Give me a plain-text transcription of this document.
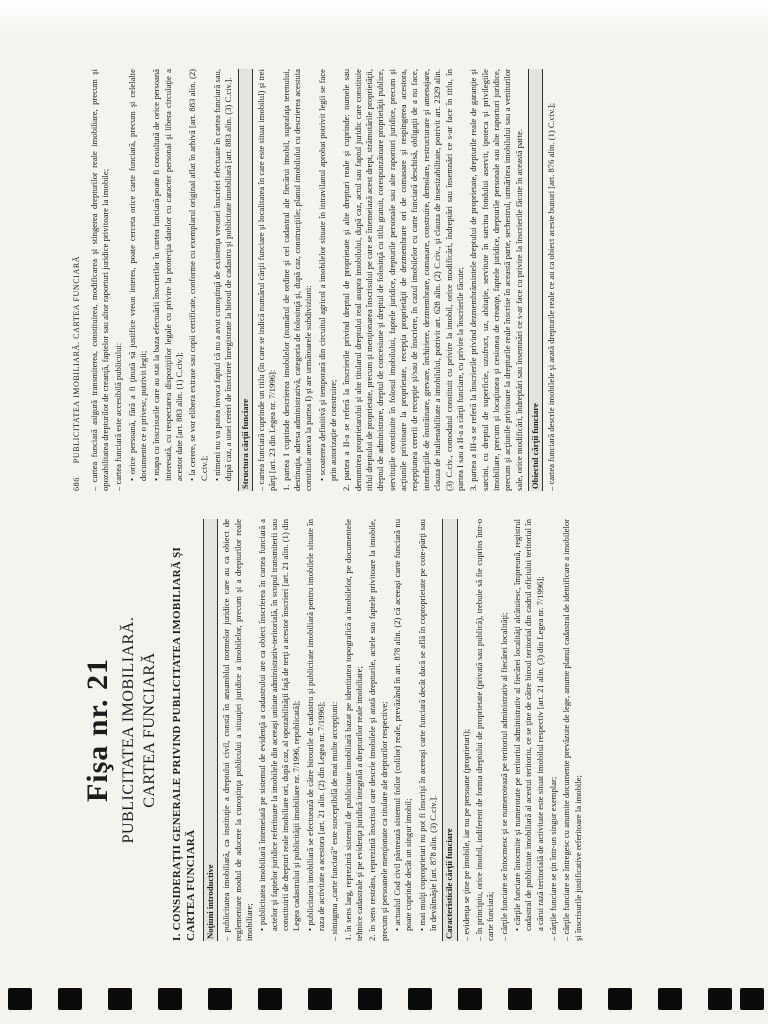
Fişa nr. 21 PUBLICITATEA IMOBILIARĂ. CARTEA FUNCIARĂ I. CONSIDERAŢII GENERALE PRIVIND PUBLICITATEA IMOBILIARĂ ŞI CARTEA FUNCIARĂ Noţiuni introductive – publicitatea imobiliară, ca instituţie a dreptului civil, constă în ansamblul normelor juridice care au ca obiect de reglementare modul de aducere la cunoştinţa publicului a situaţiei juridice a imobilelor, precum şi a drepturilor reale imobiliare; • publicitatea imobiliară întemeiată pe sistemul de evidenţă a cadastrului are ca obiect înscrierea în cartea funciară a actelor şi faptelor juridice referitoare la imobilele din aceeaşi unitate administrativ-teritorială, în scopul transmiterii sau constituirii de drepturi reale imobiliare ori, după caz, al opozabilităţii faţă de terţi a acestor înscrieri [art. 21 alin. (1) din Legea cadastrului şi publicităţii imobiliare nr. 7/1996, republicată]; • publicitatea imobiliară se efectuează de către birourile de cadastru şi publicitate imobiliară pentru imobilele situate în raza de activitate a acestora [art. 21 alin. (2) din Legea nr. 7/1996]; – sintagma „carte funciară” este susceptibilă de mai multe accepţiuni: 1. în sens larg, reprezintă sistemul de publicitate imobiliară bazat pe identitatea topografică a imobilelor, pe documentele tehnice cadastrale şi pe evidenţa juridică integrală a drepturilor reale imobiliare; 2. în sens restrâns, reprezintă înscrisul care descrie imobilele şi arată drepturile, actele sau faptele privitoare la imobile, precum şi persoanele menţionate ca titulare ale drepturilor respective; • actualul Cod civil păstrează sistemul foilor (colilor) reale, prevăzând în art. 878 alin. (2) că aceeaşi carte funciară nu poate cuprinde decât un singur imobil; • mai mulţi coproprietari nu pot fi înscrişi în aceeaşi carte funciară decât dacă se află în coproprietate pe cote-părţi sau în devălmăşie [art. 878 alin. (3) C.civ.]. Caracteristicile cărţii funciare – evidenţa se ţine pe imobile, iar nu pe persoane (proprietari); – în principiu, orice imobil, indiferent de forma dreptului de proprietate (privată sau publică), trebuie să fie cuprins într-o carte funciară; – cărţile funciare se întocmesc şi se numerotează pe teritoriul administrativ al fiecărei localităţi; • cărţile funciare întocmite şi numerotate pe teritoriul administrativ al fiecărei localităţi alcătuiesc, împreună, registrul cadastral de publicitate imobiliară al acestui teritoriu, ce se ţine de către biroul teritorial din cadrul oficiului teritorial în a cărui rază teritorială de activitate este situat imobilul respectiv [art. 21 alin. (3) din Legea nr. 7/1996]; – cărţile funciare se ţin într-un singur exemplar; – cărţile funciare se întregesc cu anumite documente prevăzute de lege, anume planul cadastral de identificare a imobilelor şi înscrisurile justificative referitoare la imobile;

686
PUBLICITATEA IMOBILIARĂ. CARTEA FUNCIARĂ – cartea funciară asigură transmiterea, constituirea, modificarea şi stingerea drepturilor reale imobiliare, precum şi opozabilitatea drepturilor de creanţă, faptelor sau altor raporturi juridice privitoare la imobile; – cartea funciară este accesibilă publicului: • orice persoană, fără a fi ţinută să justifice vreun interes, poate cerceta orice carte funciară, precum şi celelalte documente ce o privesc, potrivit legii; • mapa cu înscrisurile care au stat la baza efectuării înscrierilor în cartea funciară poate fi consultată de orice persoană interesată, cu respectarea dispoziţiilor legale cu privire la protecţia datelor cu caracter personal şi libera circulaţie a acestor date [art. 883 alin. (1) C.civ.]; • la cerere, se vor elibera extrase sau copii certificate, conforme cu exemplarul original aflat în arhivă [art. 883 alin. (2) C.civ.]; • nimeni nu va putea invoca faptul că nu a avut cunoştinţă de existenţa vreunei înscrieri efectuate în cartea funciară sau, după caz, a unei cereri de înscriere înregistrate la biroul de cadastru şi publicitate imobiliară [art. 883 alin. (3) C.civ.]. Structura cărţii funciare – cartea funciară cuprinde un titlu (în care se indică numărul cărţii funciare şi localitatea în care este situat imobilul) şi trei părţi [art. 23 din Legea nr. 7/1996]: 1. partea I cuprinde descrierea imobilelor (numărul de ordine şi cel cadastral ale fiecărui imobil, suprafaţa terenului, destinaţia, adresa administrativă, categoria de folosinţă şi, după caz, construcţiile; planul imobilului cu descrierea acestuia constituie anexa la partea I) şi are următoarele subdiviziuni: • scoaterea definitivă şi temporară din circuitul agricol a imobilelor situate în intravilanul aprobat potrivit legii se face prin autorizaţie de construire; 2. partea a II-a se referă la înscrierile privind dreptul de proprietate şi alte drepturi reale şi cuprinde: numele sau denumirea proprietarului şi alte titularul dreptului real asupra imobilului, după caz, actul sau faptul juridic care constituie titlul dreptului de proprietate, precum şi menţionarea înscrisului pe care se întemeiază acest drept, strămutările proprietăţii, dreptul de administrare, dreptul de concesiune şi dreptul de folosinţă cu titlu gratuit, corespunzătoare proprietăţii publice, servituţile constituite în folosul imobilului, faptele juridice, drepturile personale sau alte raporturi juridice, precum şi acţiunile privitoare la proprietate, recepţia proprietăţii de dezmembrare ori de comasare şi respingerea acestora, reşepţiunea cererii de recepţie şi/sau de înscriere, în cazul imobilelor cu carte funciară deschisă, obligaţii de a nu face, interdicţiile de înstrăinare, grevare, închiriere, dezmembrare, comasare, construire, demolare, restructurare şi amenajare, clauza de inalienabilitate a imobilului, potrivit art. 628 alin. (2) C.civ., şi clauza de insesizabilitate, potrivit art. 2329 alin. (3) C.civ., comodatul constituit cu privire la imobil, orice modificări, îndreptări sau însemnări ce s-ar face în titlu, în partea I sau a II-a a cărţii funciare, cu privire la înscrierile făcute; 3. partea a III-a se referă la înscrierile privind dezmembrămintele dreptului de proprietate, drepturile reale de garanţie şi sarcini, cu dreptul de superficie, uzufruct, uz, abitaţie, servitute în sarcina fondului aservit, ipoteca şi privilegiile imobiliare, precum şi locaţiunea şi cesiunea de creanţe, faptele juridice, drepturile personale sau alte raporturi juridice, precum şi acţiunile privitoare la drepturile reale înscrise în această parte, sechestrul, urmărirea imobilului sau a veniturilor sale, orice modificări, îndreptări sau însemnări ce s-ar face cu privire la înscrierile făcute în această parte. Obiectul cărţii funciare – cartea funciară descrie imobilele şi arată drepturile reale ce au ca obiect aceste bunuri [art. 876 alin. (1) C.civ.];
